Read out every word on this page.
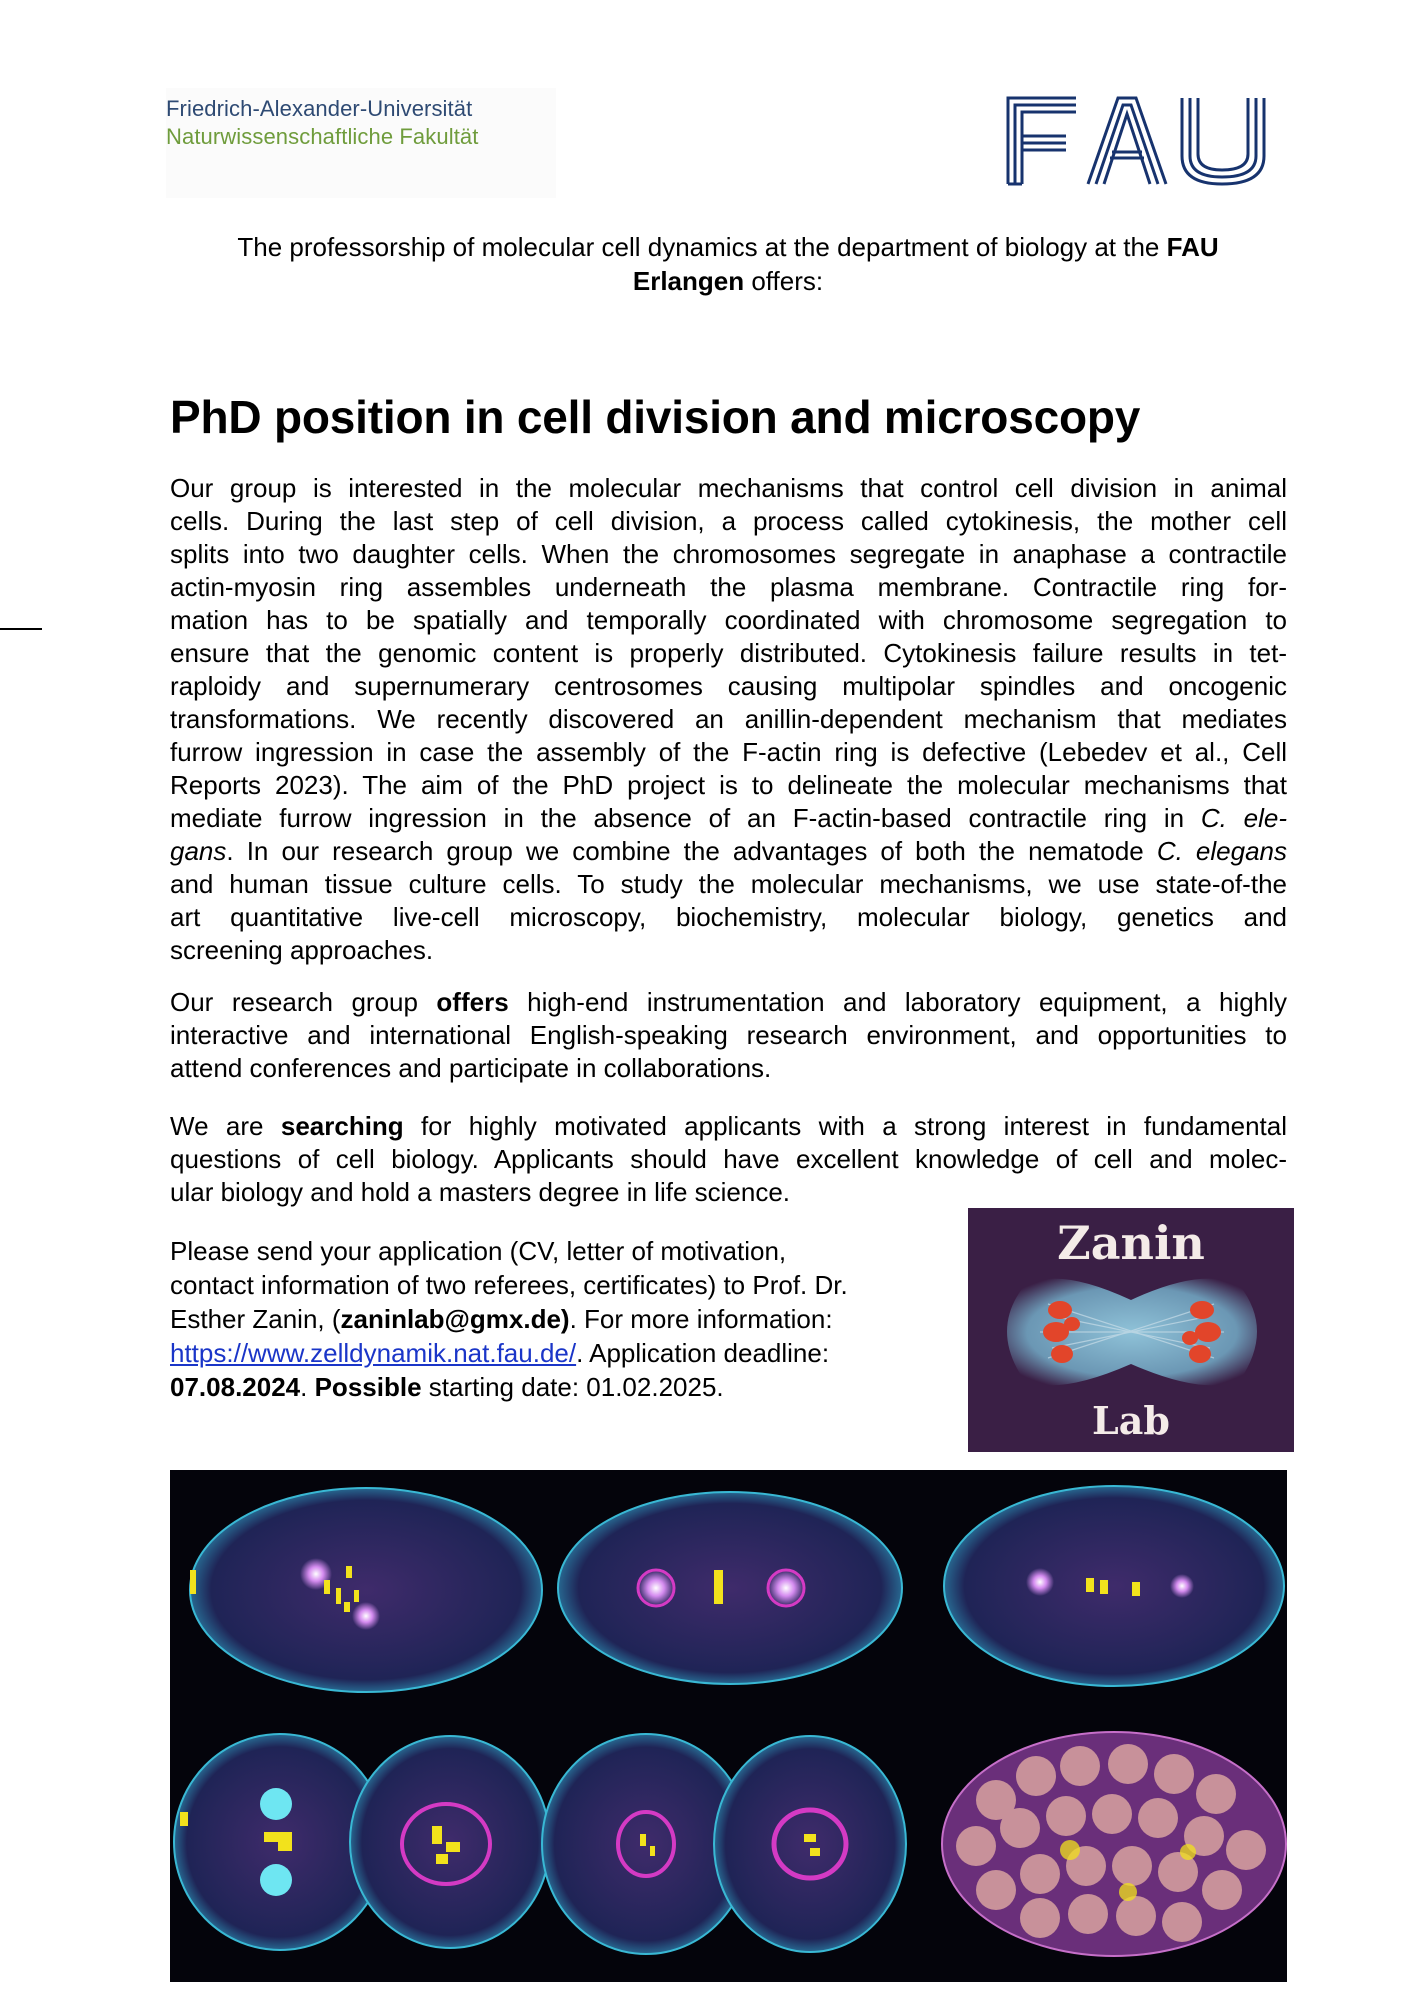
Friedrich-Alexander-Universität
Naturwissenschaftliche Fakultät
The professorship of molecular cell dynamics at the department of biology at the FAU
Erlangen offers:
PhD position in cell division and microscopy
Our group is interested in the molecular mechanisms that control cell division in animal
cells. During the last step of cell division, a process called cytokinesis, the mother cell
splits into two daughter cells. When the chromosomes segregate in anaphase a contractile
actin-myosin ring assembles underneath the plasma membrane. Contractile ring for-
mation has to be spatially and temporally coordinated with chromosome segregation to
ensure that the genomic content is properly distributed. Cytokinesis failure results in tet-
raploidy and supernumerary centrosomes causing multipolar spindles and oncogenic
transformations. We recently discovered an anillin-dependent mechanism that mediates
furrow ingression in case the assembly of the F-actin ring is defective (Lebedev et al., Cell
Reports 2023). The aim of the PhD project is to delineate the molecular mechanisms that
mediate furrow ingression in the absence of an F-actin-based contractile ring in C. ele-
gans. In our research group we combine the advantages of both the nematode C. elegans
and human tissue culture cells. To study the molecular mechanisms, we use state-of-the
art quantitative live-cell microscopy, biochemistry, molecular biology, genetics and
screening approaches.
Our research group offers high-end instrumentation and laboratory equipment, a highly
interactive and international English-speaking research environment, and opportunities to
attend conferences and participate in collaborations.
We are searching for highly motivated applicants with a strong interest in fundamental
questions of cell biology. Applicants should have excellent knowledge of cell and molec-
ular biology and hold a masters degree in life science.
Please send your application (CV, letter of motivation,
contact information of two referees, certificates) to Prof. Dr.
Esther Zanin, (zaninlab@gmx.de). For more information:
https://www.zelldynamik.nat.fau.de/. Application deadline:
07.08.2024. Possible starting date: 01.02.2025.
Zanin
Lab
